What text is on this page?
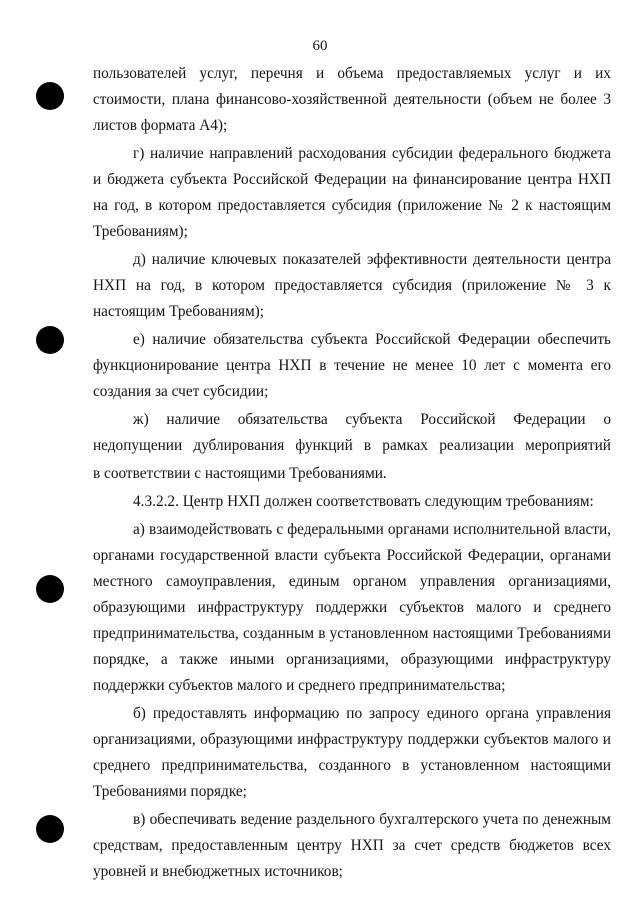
60

пользователей услуг, перечня и объема предоставляемых услуг и их стоимости, плана финансово-хозяйственной деятельности (объем не более 3 листов формата А4);

г) наличие направлений расходования субсидии федерального бюджета и бюджета субъекта Российской Федерации на финансирование центра НХП на год, в котором предоставляется субсидия (приложение № 2 к настоящим Требованиям);

д) наличие ключевых показателей эффективности деятельности центра НХП на год, в котором предоставляется субсидия (приложение № 3 к настоящим Требованиям);

е) наличие обязательства субъекта Российской Федерации обеспечить функционирование центра НХП в течение не менее 10 лет с момента его создания за счет субсидии;

ж) наличие обязательства субъекта Российской Федерации о недопущении дублирования функций в рамках реализации мероприятий

в соответствии с настоящими Требованиями.

4.3.2.2. Центр НХП должен соответствовать следующим требованиям:

а) взаимодействовать с федеральными органами исполнительной власти, органами государственной власти субъекта Российской Федерации, органами местного самоуправления, единым органом управления организациями, образующими инфраструктуру поддержки субъектов малого и среднего предпринимательства, созданным в установленном настоящими Требованиями порядке, а также иными организациями, образующими инфраструктуру поддержки субъектов малого и среднего предпринимательства;

б) предоставлять информацию по запросу единого органа управления организациями, образующими инфраструктуру поддержки субъектов малого и среднего предпринимательства, созданного в установленном настоящими Требованиями порядке;

в) обеспечивать ведение раздельного бухгалтерского учета по денежным средствам, предоставленным центру НХП за счет средств бюджетов всех уровней и внебюджетных источников;
